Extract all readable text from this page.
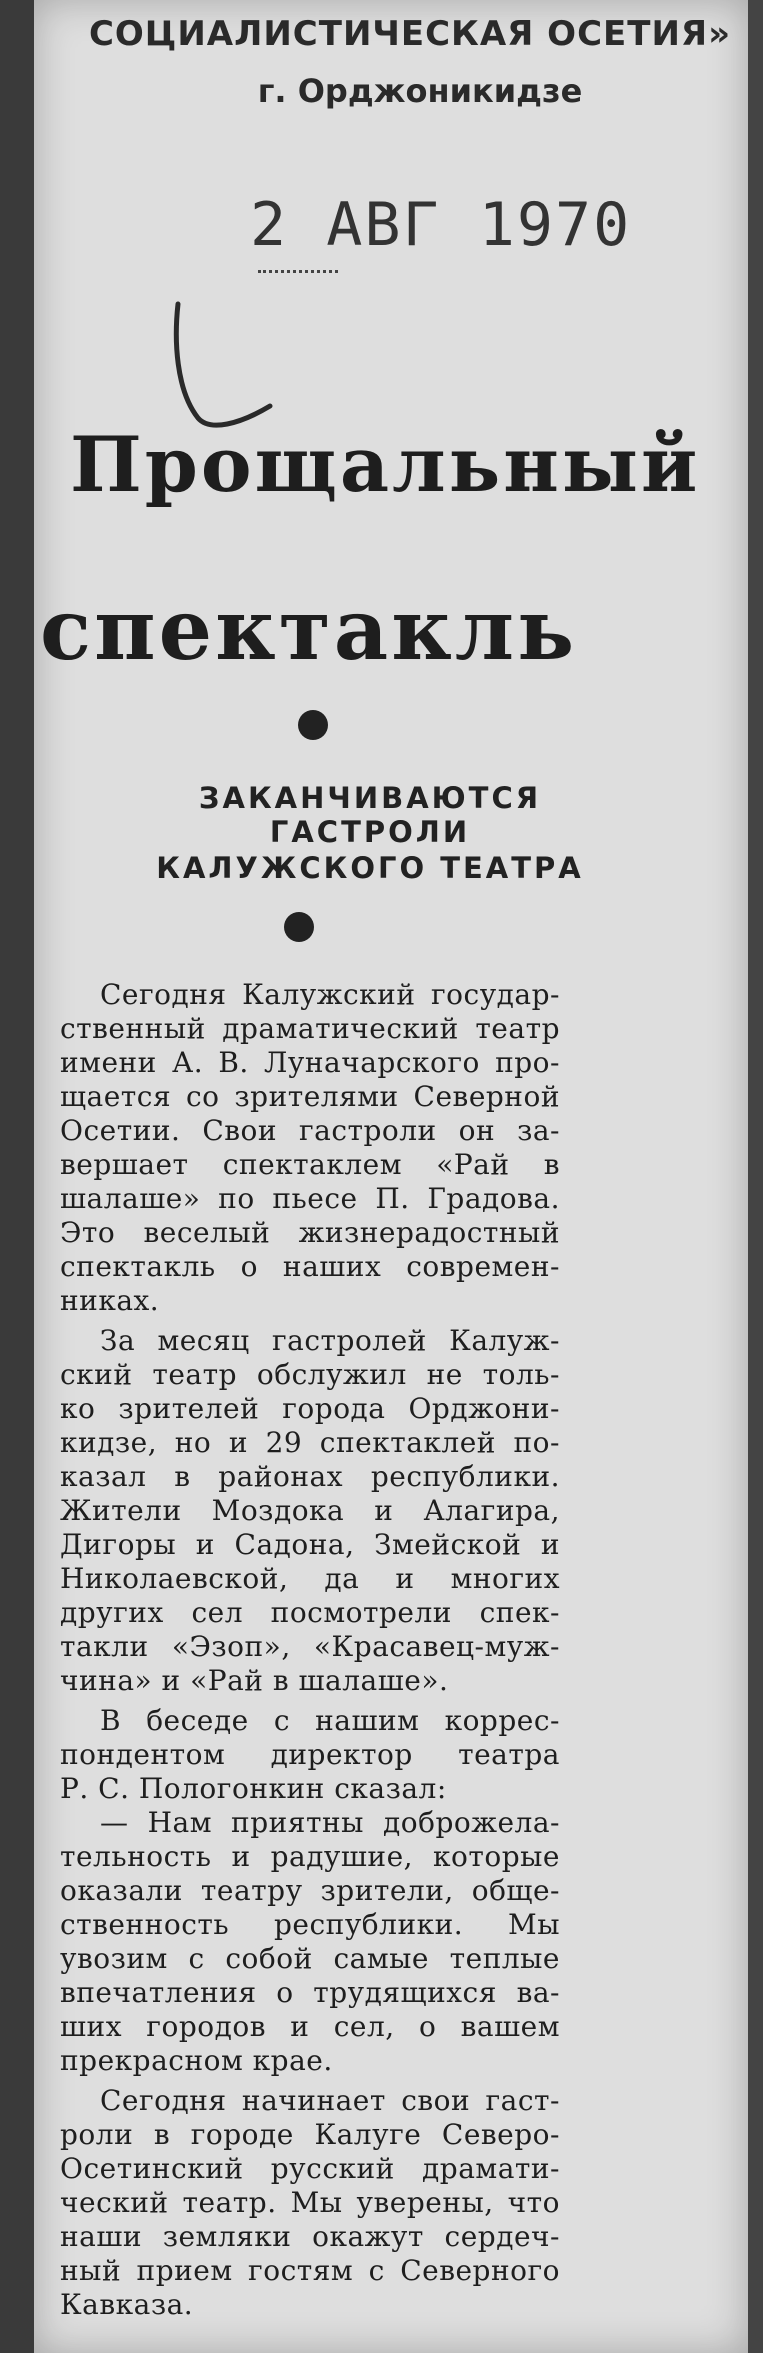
СОЦИАЛИСТИЧЕСКАЯ ОСЕТИЯ»
г. Орджоникидзе
2 АВГ 1970
Прощальный
спектакль
ЗАКАНЧИВАЮТСЯ
ГАСТРОЛИ
КАЛУЖСКОГО ТЕАТРА
Сегодня Калужский государ-
ственный драматический театр
имени А. В. Луначарского про-
щается со зрителями Северной
Осетии. Свои гастроли он за-
вершает спектаклем «Рай в
шалаше» по пьесе П. Градова.
Это веселый жизнерадостный
спектакль о наших современ-
никах.
За месяц гастролей Калуж-
ский театр обслужил не толь-
ко зрителей города Орджони-
кидзе, но и 29 спектаклей по-
казал в районах республики.
Жители Моздока и Алагира,
Дигоры и Садона, Змейской и
Николаевской, да и многих
других сел посмотрели спек-
такли «Эзоп», «Красавец-муж-
чина» и «Рай в шалаше».
В беседе с нашим коррес-
пондентом директор театра
Р. С. Пологонкин сказал:
— Нам приятны доброжела-
тельность и радушие, которые
оказали театру зрители, обще-
ственность республики. Мы
увозим с собой самые теплые
впечатления о трудящихся ва-
ших городов и сел, о вашем
прекрасном крае.
Сегодня начинает свои гаст-
роли в городе Калуге Северо-
Осетинский русский драмати-
ческий театр. Мы уверены, что
наши земляки окажут сердеч-
ный прием гостям с Северного
Кавказа.
